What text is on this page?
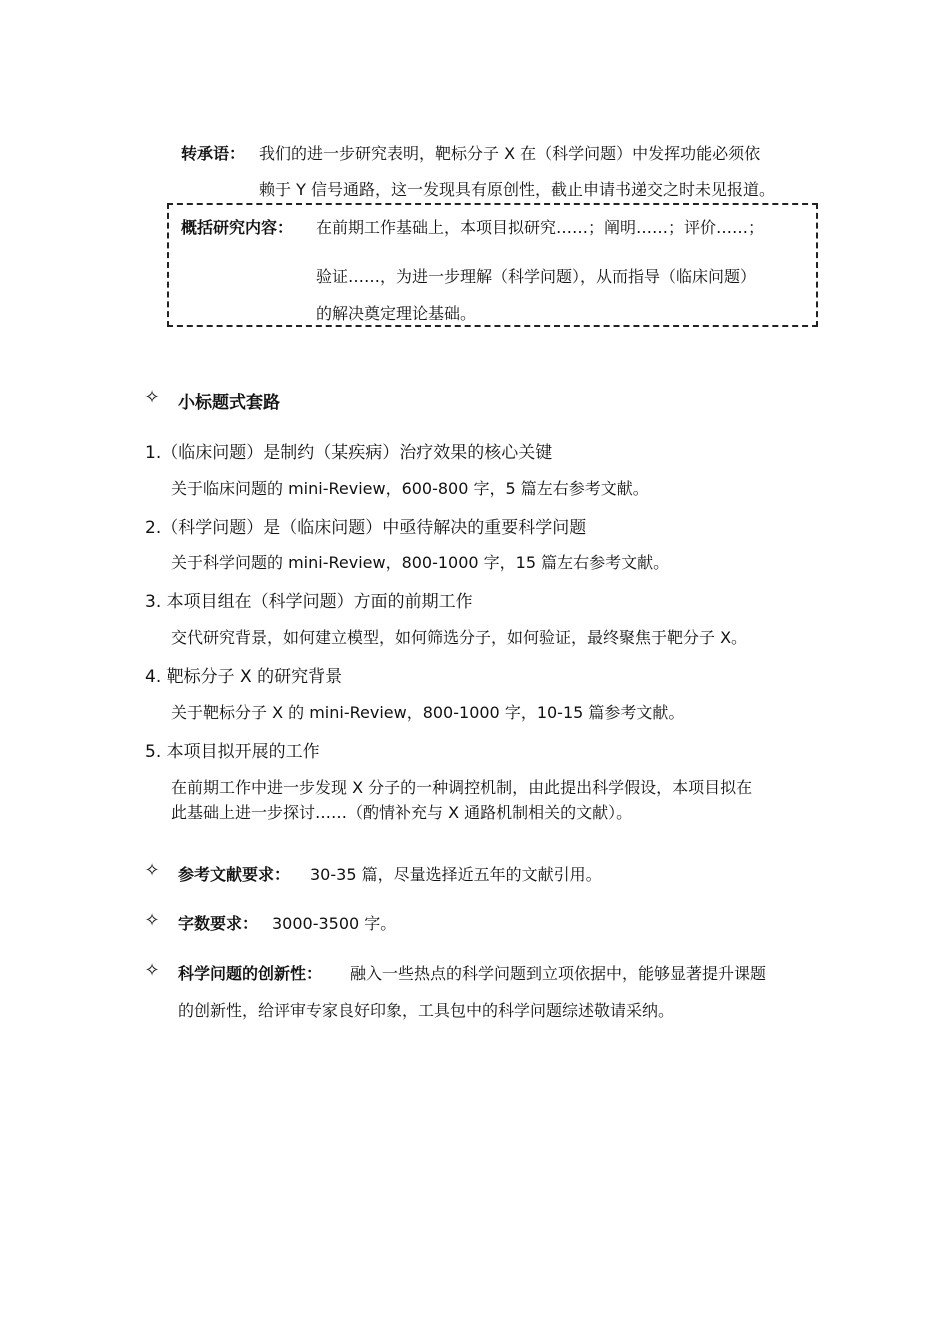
转承语： 我们的进一步研究表明，靶标分子 X 在（科学问题）中发挥功能必须依
赖于 Y 信号通路，这一发现具有原创性，截止申请书递交之时未见报道。
概括研究内容： 在前期工作基础上，本项目拟研究……；阐明……；评价……；
验证……，为进一步理解（科学问题），从而指导（临床问题）
的解决奠定理论基础。
✧ 小标题式套路
1.（临床问题）是制约（某疾病）治疗效果的核心关键
关于临床问题的 mini-Review，600-800 字，5 篇左右参考文献。
2.（科学问题）是（临床问题）中亟待解决的重要科学问题
关于科学问题的 mini-Review，800-1000 字，15 篇左右参考文献。
3. 本项目组在（科学问题）方面的前期工作
交代研究背景，如何建立模型，如何筛选分子，如何验证，最终聚焦于靶分子 X。
4. 靶标分子 X 的研究背景
关于靶标分子 X 的 mini-Review，800-1000 字，10-15 篇参考文献。
5. 本项目拟开展的工作
在前期工作中进一步发现 X 分子的一种调控机制，由此提出科学假设，本项目拟在
此基础上进一步探讨……（酌情补充与 X 通路机制相关的文献）。
✧ 参考文献要求： 30-35 篇，尽量选择近五年的文献引用。
✧ 字数要求： 3000-3500 字。
✧ 科学问题的创新性： 融入一些热点的科学问题到立项依据中，能够显著提升课题
的创新性，给评审专家良好印象，工具包中的科学问题综述敬请采纳。
